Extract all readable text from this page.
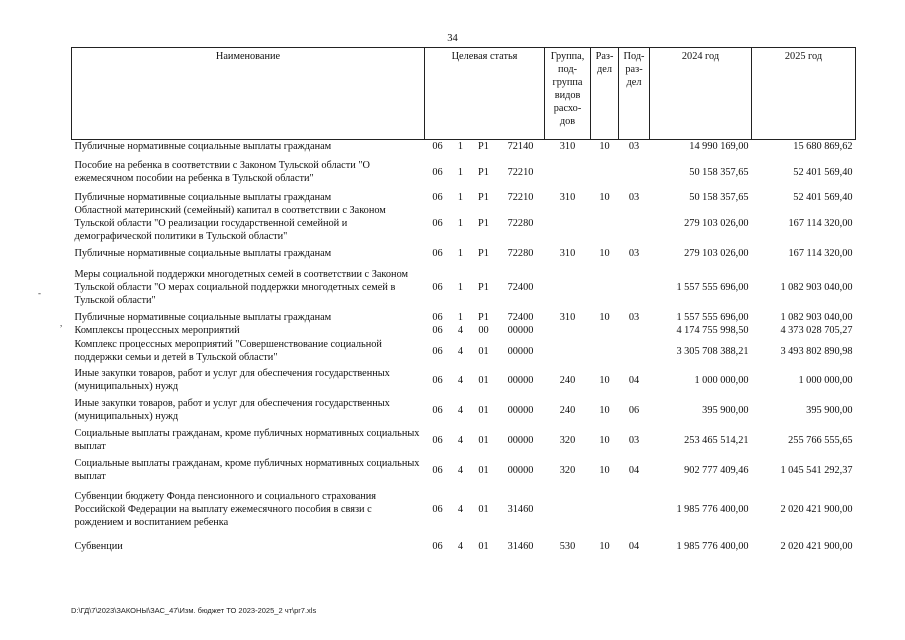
34
-
,
Наименование	Целевая статья				Группа, под- группа видов расхо- дов	Раз- дел	Под- раз- дел	2024 год	2025 год
Публичные нормативные социальные выплаты гражданам	06	1	P1	72140	310	10	03	14 990 169,00	15 680 869,62
Пособие на ребенка в соответствии с Законом Тульской области "О ежемесячном пособии на ребенка в Тульской области"	06	1	P1	72210				50 158 357,65	52 401 569,40
Публичные нормативные социальные выплаты гражданам	06	1	P1	72210	310	10	03	50 158 357,65	52 401 569,40
Областной материнский (семейный) капитал в соответствии с Законом Тульской области "О реализации государственной семейной и демографической политики в Тульской области"	06	1	P1	72280				279 103 026,00	167 114 320,00
Публичные нормативные социальные выплаты гражданам	06	1	P1	72280	310	10	03	279 103 026,00	167 114 320,00
Меры социальной поддержки многодетных семей в соответствии с Законом Тульской области "О мерах социальной поддержки многодетных семей в Тульской области"	06	1	P1	72400				1 557 555 696,00	1 082 903 040,00
Публичные нормативные социальные выплаты гражданам	06	1	P1	72400	310	10	03	1 557 555 696,00	1 082 903 040,00
Комплексы процессных мероприятий	06	4	00	00000				4 174 755 998,50	4 373 028 705,27
Комплекс процессных мероприятий "Совершенствование социальной поддержки семьи и детей в Тульской области"	06	4	01	00000				3 305 708 388,21	3 493 802 890,98
Иные закупки товаров, работ и услуг для обеспечения государственных (муниципальных) нужд	06	4	01	00000	240	10	04	1 000 000,00	1 000 000,00
Иные закупки товаров, работ и услуг для обеспечения государственных (муниципальных) нужд	06	4	01	00000	240	10	06	395 900,00	395 900,00
Социальные выплаты гражданам, кроме публичных нормативных социальных выплат	06	4	01	00000	320	10	03	253 465 514,21	255 766 555,65
Социальные выплаты гражданам, кроме публичных нормативных социальных выплат	06	4	01	00000	320	10	04	902 777 409,46	1 045 541 292,37
Субвенции бюджету Фонда пенсионного и социального страхования Российской Федерации на выплату ежемесячного пособия в связи с рождением и воспитанием ребенка	06	4	01	31460				1 985 776 400,00	2 020 421 900,00
Субвенции	06	4	01	31460	530	10	04	1 985 776 400,00	2 020 421 900,00
D:\ГД\7\2023\ЗАКОНЫ\ЗАС_47\Изм. бюджет ТО 2023-2025_2 чт\pr7.xls
